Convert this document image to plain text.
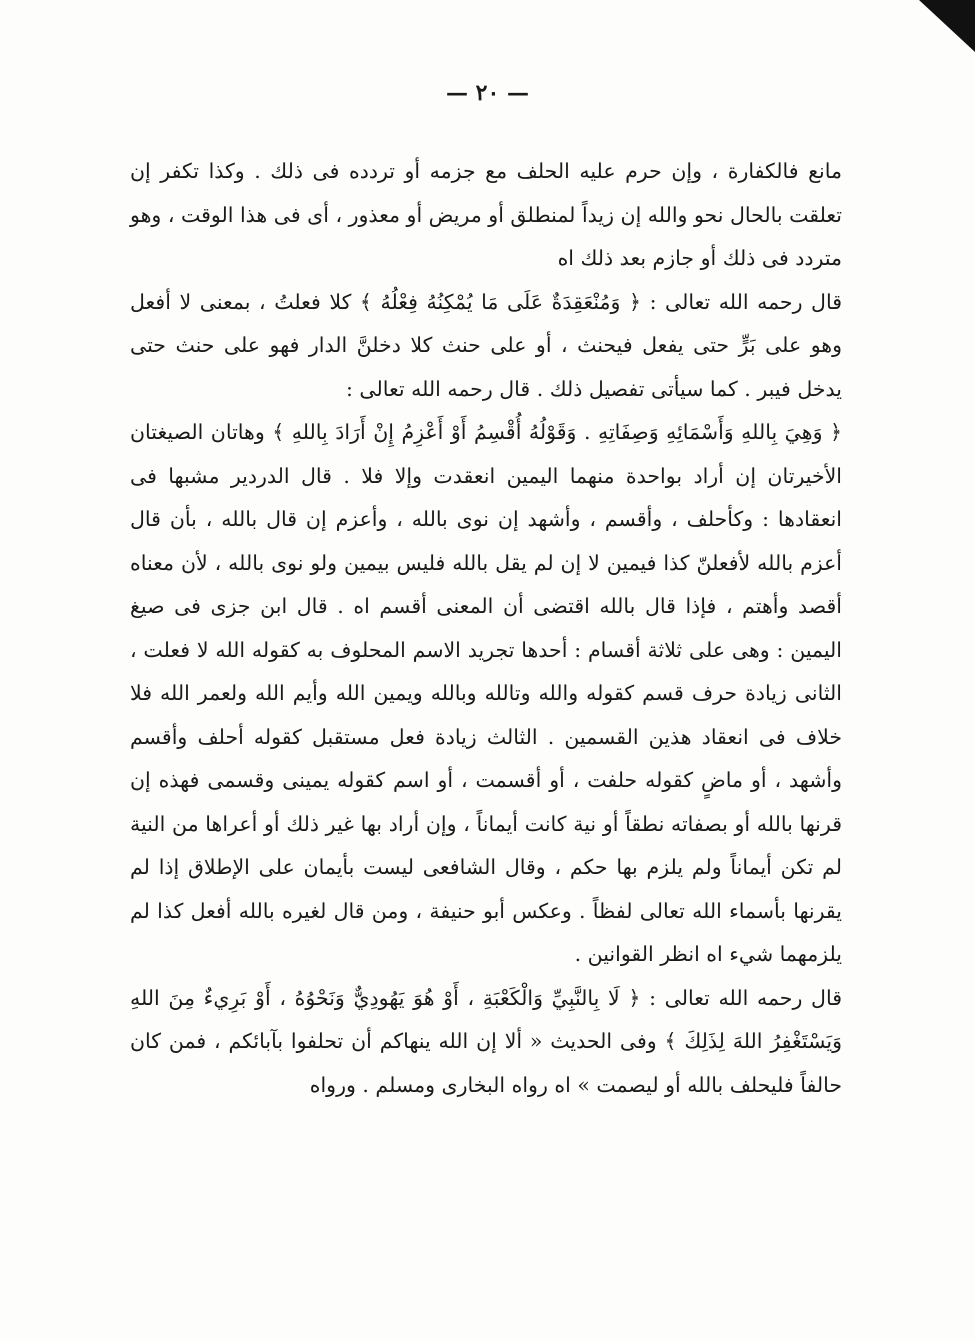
— ٢٠ —

مانع فالكفارة ، وإن حرم عليه الحلف مع جزمه أو تردده فى ذلك . وكذا تكفر إن تعلقت بالحال نحو والله إن زيداً لمنطلق أو مريض أو معذور ، أى فى هذا الوقت ، وهو متردد فى ذلك أو جازم بعد ذلك اه

قال رحمه الله تعالى : ﴿ وَمُنْعَقِدَةٌ عَلَى مَا يُمْكِنُهُ فِعْلُهُ ﴾ كلا فعلتُ ، بمعنى لا أفعل وهو على بَرٍّ حتى يفعل فيحنث ، أو على حنث كلا دخلنَّ الدار فهو على حنث حتى يدخل فيبر . كما سيأتى تفصيل ذلك . قال رحمه الله تعالى :

﴿ وَهِيَ بِاللهِ وَأَسْمَائِهِ وَصِفَاتِهِ . وَقَوْلُهُ أُقْسِمُ أَوْ أَعْزِمُ إِنْ أَرَادَ بِاللهِ ﴾ وهاتان الصيغتان الأخيرتان إن أراد بواحدة منهما اليمين انعقدت وإلا فلا . قال الدردير مشبها فى انعقادها : وكأحلف ، وأقسم ، وأشهد إن نوى بالله ، وأعزم إن قال بالله ، بأن قال أعزم بالله لأفعلنّ كذا فيمين لا إن لم يقل بالله فليس بيمين ولو نوى بالله ، لأن معناه أقصد وأهتم ، فإذا قال بالله اقتضى أن المعنى أقسم اه . قال ابن جزى فى صيغ اليمين : وهى على ثلاثة أقسام : أحدها تجريد الاسم المحلوف به كقوله الله لا فعلت ، الثانى زيادة حرف قسم كقوله والله وتالله وبالله ويمين الله وأيم الله ولعمر الله فلا خلاف فى انعقاد هذين القسمين . الثالث زيادة فعل مستقبل كقوله أحلف وأقسم وأشهد ، أو ماضٍ كقوله حلفت ، أو أقسمت ، أو اسم كقوله يمينى وقسمى فهذه إن قرنها بالله أو بصفاته نطقاً أو نية كانت أيماناً ، وإن أراد بها غير ذلك أو أعراها من النية لم تكن أيماناً ولم يلزم بها حكم ، وقال الشافعى ليست بأيمان على الإطلاق إذا لم يقرنها بأسماء الله تعالى لفظاً . وعكس أبو حنيفة ، ومن قال لغيره بالله أفعل كذا لم يلزمهما شيء اه انظر القوانين .

قال رحمه الله تعالى : ﴿ لَا بِالنَّبِيِّ وَالْكَعْبَةِ ، أَوْ هُوَ يَهُودِيٌّ وَنَحْوُهُ ، أَوْ بَرِيءٌ مِنَ اللهِ وَيَسْتَغْفِرُ اللهَ لِذَلِكَ ﴾ وفى الحديث « ألا إن الله ينهاكم أن تحلفوا بآبائكم ، فمن كان حالفاً فليحلف بالله أو ليصمت » اه رواه البخارى ومسلم . ورواه
